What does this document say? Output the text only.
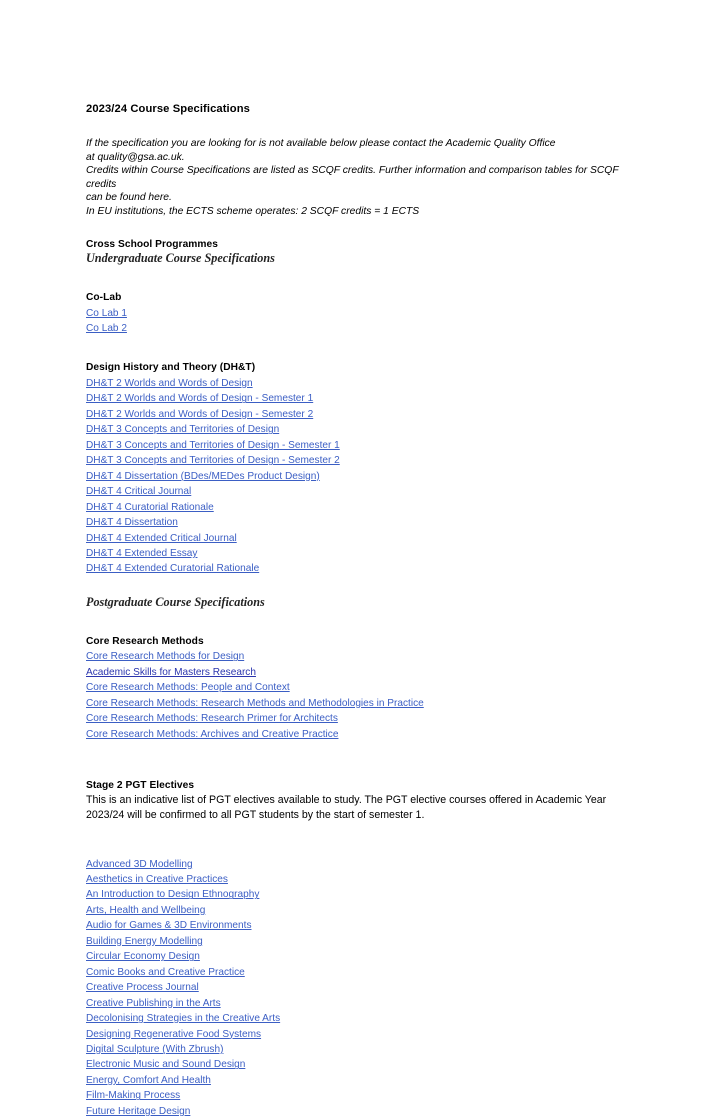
2023/24 Course Specifications
If the specification you are looking for is not available below please contact the Academic Quality Office
at quality@gsa.ac.uk.
Credits within Course Specifications are listed as SCQF credits. Further information and comparison tables for SCQF credits
can be found here.
In EU institutions, the ECTS scheme operates: 2 SCQF credits = 1 ECTS
Cross School Programmes
Undergraduate Course Specifications
Co-Lab
Co Lab 1
Co Lab 2
Design History and Theory (DH&T)
DH&T 2 Worlds and Words of Design
DH&T 2 Worlds and Words of Design - Semester 1
DH&T 2 Worlds and Words of Design - Semester 2
DH&T 3 Concepts and Territories of Design
DH&T 3 Concepts and Territories of Design - Semester 1
DH&T 3 Concepts and Territories of Design - Semester 2
DH&T 4 Dissertation (BDes/MEDes Product Design)
DH&T 4 Critical Journal
DH&T 4 Curatorial Rationale
DH&T 4 Dissertation
DH&T 4 Extended Critical Journal
DH&T 4 Extended Essay
DH&T 4 Extended Curatorial Rationale
Postgraduate Course Specifications
Core Research Methods
Core Research Methods for Design
Academic Skills for Masters Research
Core Research Methods: People and Context
Core Research Methods: Research Methods and Methodologies in Practice
Core Research Methods: Research Primer for Architects
Core Research Methods: Archives and Creative Practice
Stage 2 PGT Electives

This is an indicative list of PGT electives available to study. The PGT elective courses offered in Academic Year 2023/24 will be confirmed to all PGT students by the start of semester 1.

Advanced 3D Modelling
Aesthetics in Creative Practices
An Introduction to Design Ethnography
Arts, Health and Wellbeing
Audio for Games & 3D Environments
Building Energy Modelling
Circular Economy Design
Comic Books and Creative Practice
Creative Process Journal
Creative Publishing in the Arts
Decolonising Strategies in the Creative Arts
Designing Regenerative Food Systems
Digital Sculpture (With Zbrush)
Electronic Music and Sound Design
Energy, Comfort And Health
Film-Making Process
Future Heritage Design
